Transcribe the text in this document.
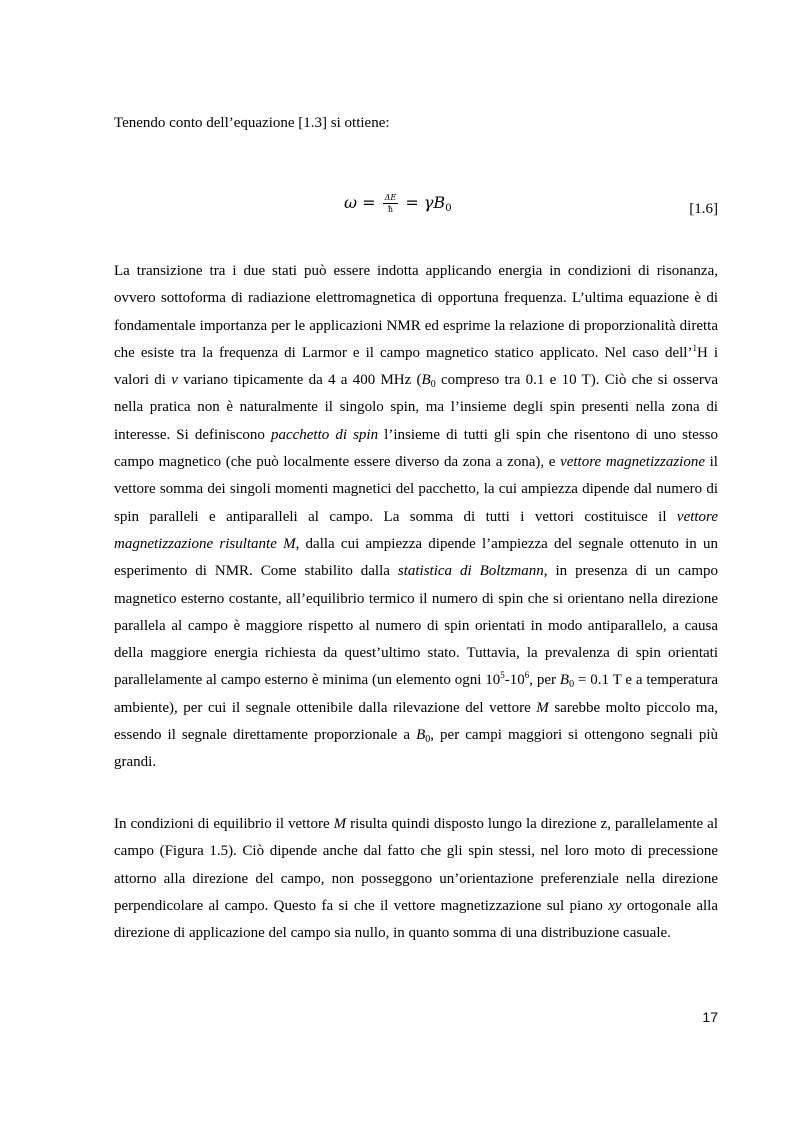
Tenendo conto dell’equazione [1.3] si ottiene:

$\omega = \frac{\Delta E}{ħ} = \gamma B_0$	[1.6]

La transizione tra i due stati può essere indotta applicando energia in condizioni di risonanza, ovvero sottoforma di radiazione elettromagnetica di opportuna frequenza. L’ultima equazione è di fondamentale importanza per le applicazioni NMR ed esprime la relazione di proporzionalità diretta che esiste tra la frequenza di Larmor e il campo magnetico statico applicato. Nel caso dell’$^1$H i valori di ν variano tipicamente da 4 a 400 MHz ($B_0$ compreso tra 0.1 e 10 T). Ciò che si osserva nella pratica non è naturalmente il singolo spin, ma l’insieme degli spin presenti nella zona di interesse. Si definiscono pacchetto di spin l’insieme di tutti gli spin che risentono di uno stesso campo magnetico (che può localmente essere diverso da zona a zona), e vettore magnetizzazione il vettore somma dei singoli momenti magnetici del pacchetto, la cui ampiezza dipende dal numero di spin paralleli e antiparalleli al campo. La somma di tutti i vettori costituisce il vettore magnetizzazione risultante M, dalla cui ampiezza dipende l’ampiezza del segnale ottenuto in un esperimento di NMR. Come stabilito dalla statistica di Boltzmann, in presenza di un campo magnetico esterno costante, all’equilibrio termico il numero di spin che si orientano nella direzione parallela al campo è maggiore rispetto al numero di spin orientati in modo antiparallelo, a causa della maggiore energia richiesta da quest’ultimo stato. Tuttavia, la prevalenza di spin orientati parallelamente al campo esterno è minima (un elemento ogni $10^5-10^6$, per $B_0 = 0.1$ T e a temperatura ambiente), per cui il segnale ottenibile dalla rilevazione del vettore M sarebbe molto piccolo ma, essendo il segnale direttamente proporzionale a $B_0$, per campi maggiori si ottengono segnali più grandi.

In condizioni di equilibrio il vettore M risulta quindi disposto lungo la direzione z, parallelamente al campo (Figura 1.5). Ciò dipende anche dal fatto che gli spin stessi, nel loro moto di precessione attorno alla direzione del campo, non posseggono un’orientazione preferenziale nella direzione perpendicolare al campo. Questo fa si che il vettore magnetizzazione sul piano xy ortogonale alla direzione di applicazione del campo sia nullo, in quanto somma di una distribuzione casuale.

17
